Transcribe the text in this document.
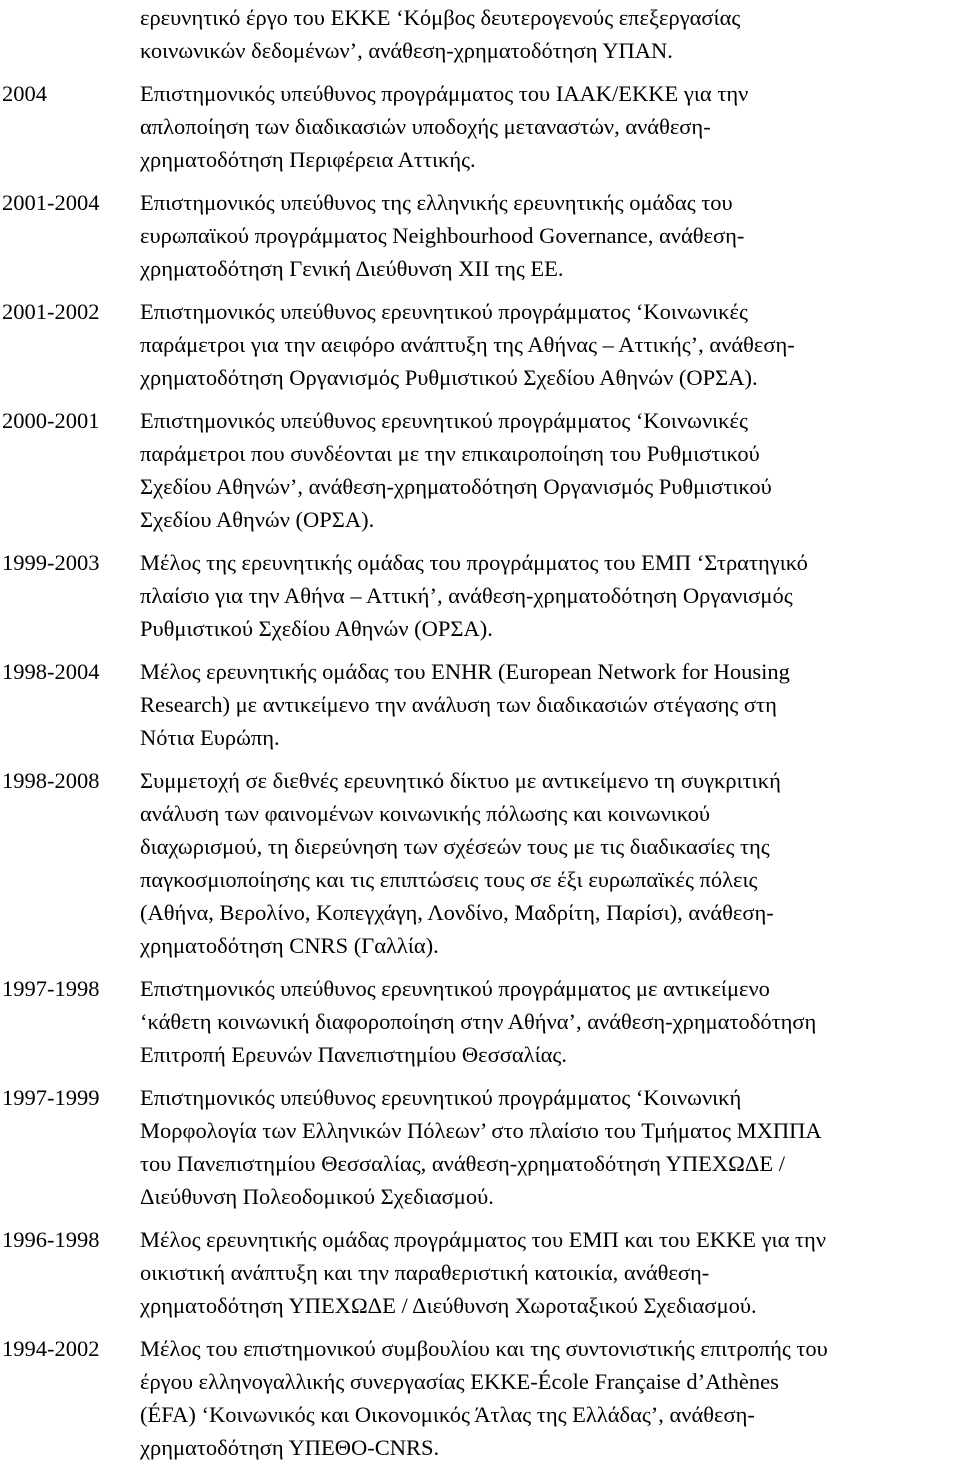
ερευνητικό έργο του ΕΚΚΕ ‘Κόμβος δευτερογενούς επεξεργασίας
κοινωνικών δεδομένων’, ανάθεση-χρηματοδότηση ΥΠΑΝ.
2004	Επιστημονικός υπεύθυνος προγράμματος του ΙΑΑΚ/ΕΚΚΕ για την
απλοποίηση των διαδικασιών υποδοχής μεταναστών, ανάθεση-
χρηματοδότηση Περιφέρεια Αττικής.
2001-2004 Επιστημονικός υπεύθυνος της ελληνικής ερευνητικής ομάδας του
ευρωπαϊκού προγράμματος Neighbourhood Governance, ανάθεση-
χρηματοδότηση Γενική Διεύθυνση XII της ΕΕ.
2001-2002 Επιστημονικός υπεύθυνος ερευνητικού προγράμματος ‘Κοινωνικές
παράμετροι για την αειφόρο ανάπτυξη της Αθήνας – Αττικής’, ανάθεση-
χρηματοδότηση Οργανισμός Ρυθμιστικού Σχεδίου Αθηνών (ΟΡΣΑ).
2000-2001 Επιστημονικός υπεύθυνος ερευνητικού προγράμματος ‘Κοινωνικές
παράμετροι που συνδέονται με την επικαιροποίηση του Ρυθμιστικού
Σχεδίου Αθηνών’, ανάθεση-χρηματοδότηση Οργανισμός Ρυθμιστικού
Σχεδίου Αθηνών (ΟΡΣΑ).
1999-2003 Μέλος της ερευνητικής ομάδας του προγράμματος του ΕΜΠ ‘Στρατηγικό
πλαίσιο για την Αθήνα – Αττική’, ανάθεση-χρηματοδότηση Οργανισμός
Ρυθμιστικού Σχεδίου Αθηνών (ΟΡΣΑ).
1998-2004 Μέλος ερευνητικής ομάδας του ENHR (European Network for Housing
Research) με αντικείμενο την ανάλυση των διαδικασιών στέγασης στη
Νότια Ευρώπη.
1998-2008 Συμμετοχή σε διεθνές ερευνητικό δίκτυο με αντικείμενο τη συγκριτική
ανάλυση των φαινομένων κοινωνικής πόλωσης και κοινωνικού
διαχωρισμού, τη διερεύνηση των σχέσεών τους με τις διαδικασίες της
παγκοσμιοποίησης και τις επιπτώσεις τους σε έξι ευρωπαϊκές πόλεις
(Αθήνα, Βερολίνο, Κοπεγχάγη, Λονδίνο, Μαδρίτη, Παρίσι), ανάθεση-
χρηματοδότηση CNRS (Γαλλία).
1997-1998 Επιστημονικός υπεύθυνος ερευνητικού προγράμματος με αντικείμενο
‘κάθετη κοινωνική διαφοροποίηση στην Αθήνα’, ανάθεση-χρηματοδότηση
Επιτροπή Ερευνών Πανεπιστημίου Θεσσαλίας.
1997-1999 Επιστημονικός υπεύθυνος ερευνητικού προγράμματος ‘Κοινωνική
Μορφολογία των Ελληνικών Πόλεων’ στο πλαίσιο του Τμήματος ΜΧΠΠΑ
του Πανεπιστημίου Θεσσαλίας, ανάθεση-χρηματοδότηση ΥΠΕΧΩΔΕ /
Διεύθυνση Πολεοδομικού Σχεδιασμού.
1996-1998 Μέλος ερευνητικής ομάδας προγράμματος του ΕΜΠ και του ΕΚΚΕ για την
οικιστική ανάπτυξη και την παραθεριστική κατοικία, ανάθεση-
χρηματοδότηση ΥΠΕΧΩΔΕ / Διεύθυνση Χωροταξικού Σχεδιασμού.
1994-2002 Μέλος του επιστημονικού συμβουλίου και της συντονιστικής επιτροπής του
έργου ελληνογαλλικής συνεργασίας ΕΚΚΕ-École Française d’Athènes
(ÉFA) ‘Κοινωνικός και Οικονομικός Άτλας της Ελλάδας’, ανάθεση-
χρηματοδότηση ΥΠΕΘΟ-CNRS.
